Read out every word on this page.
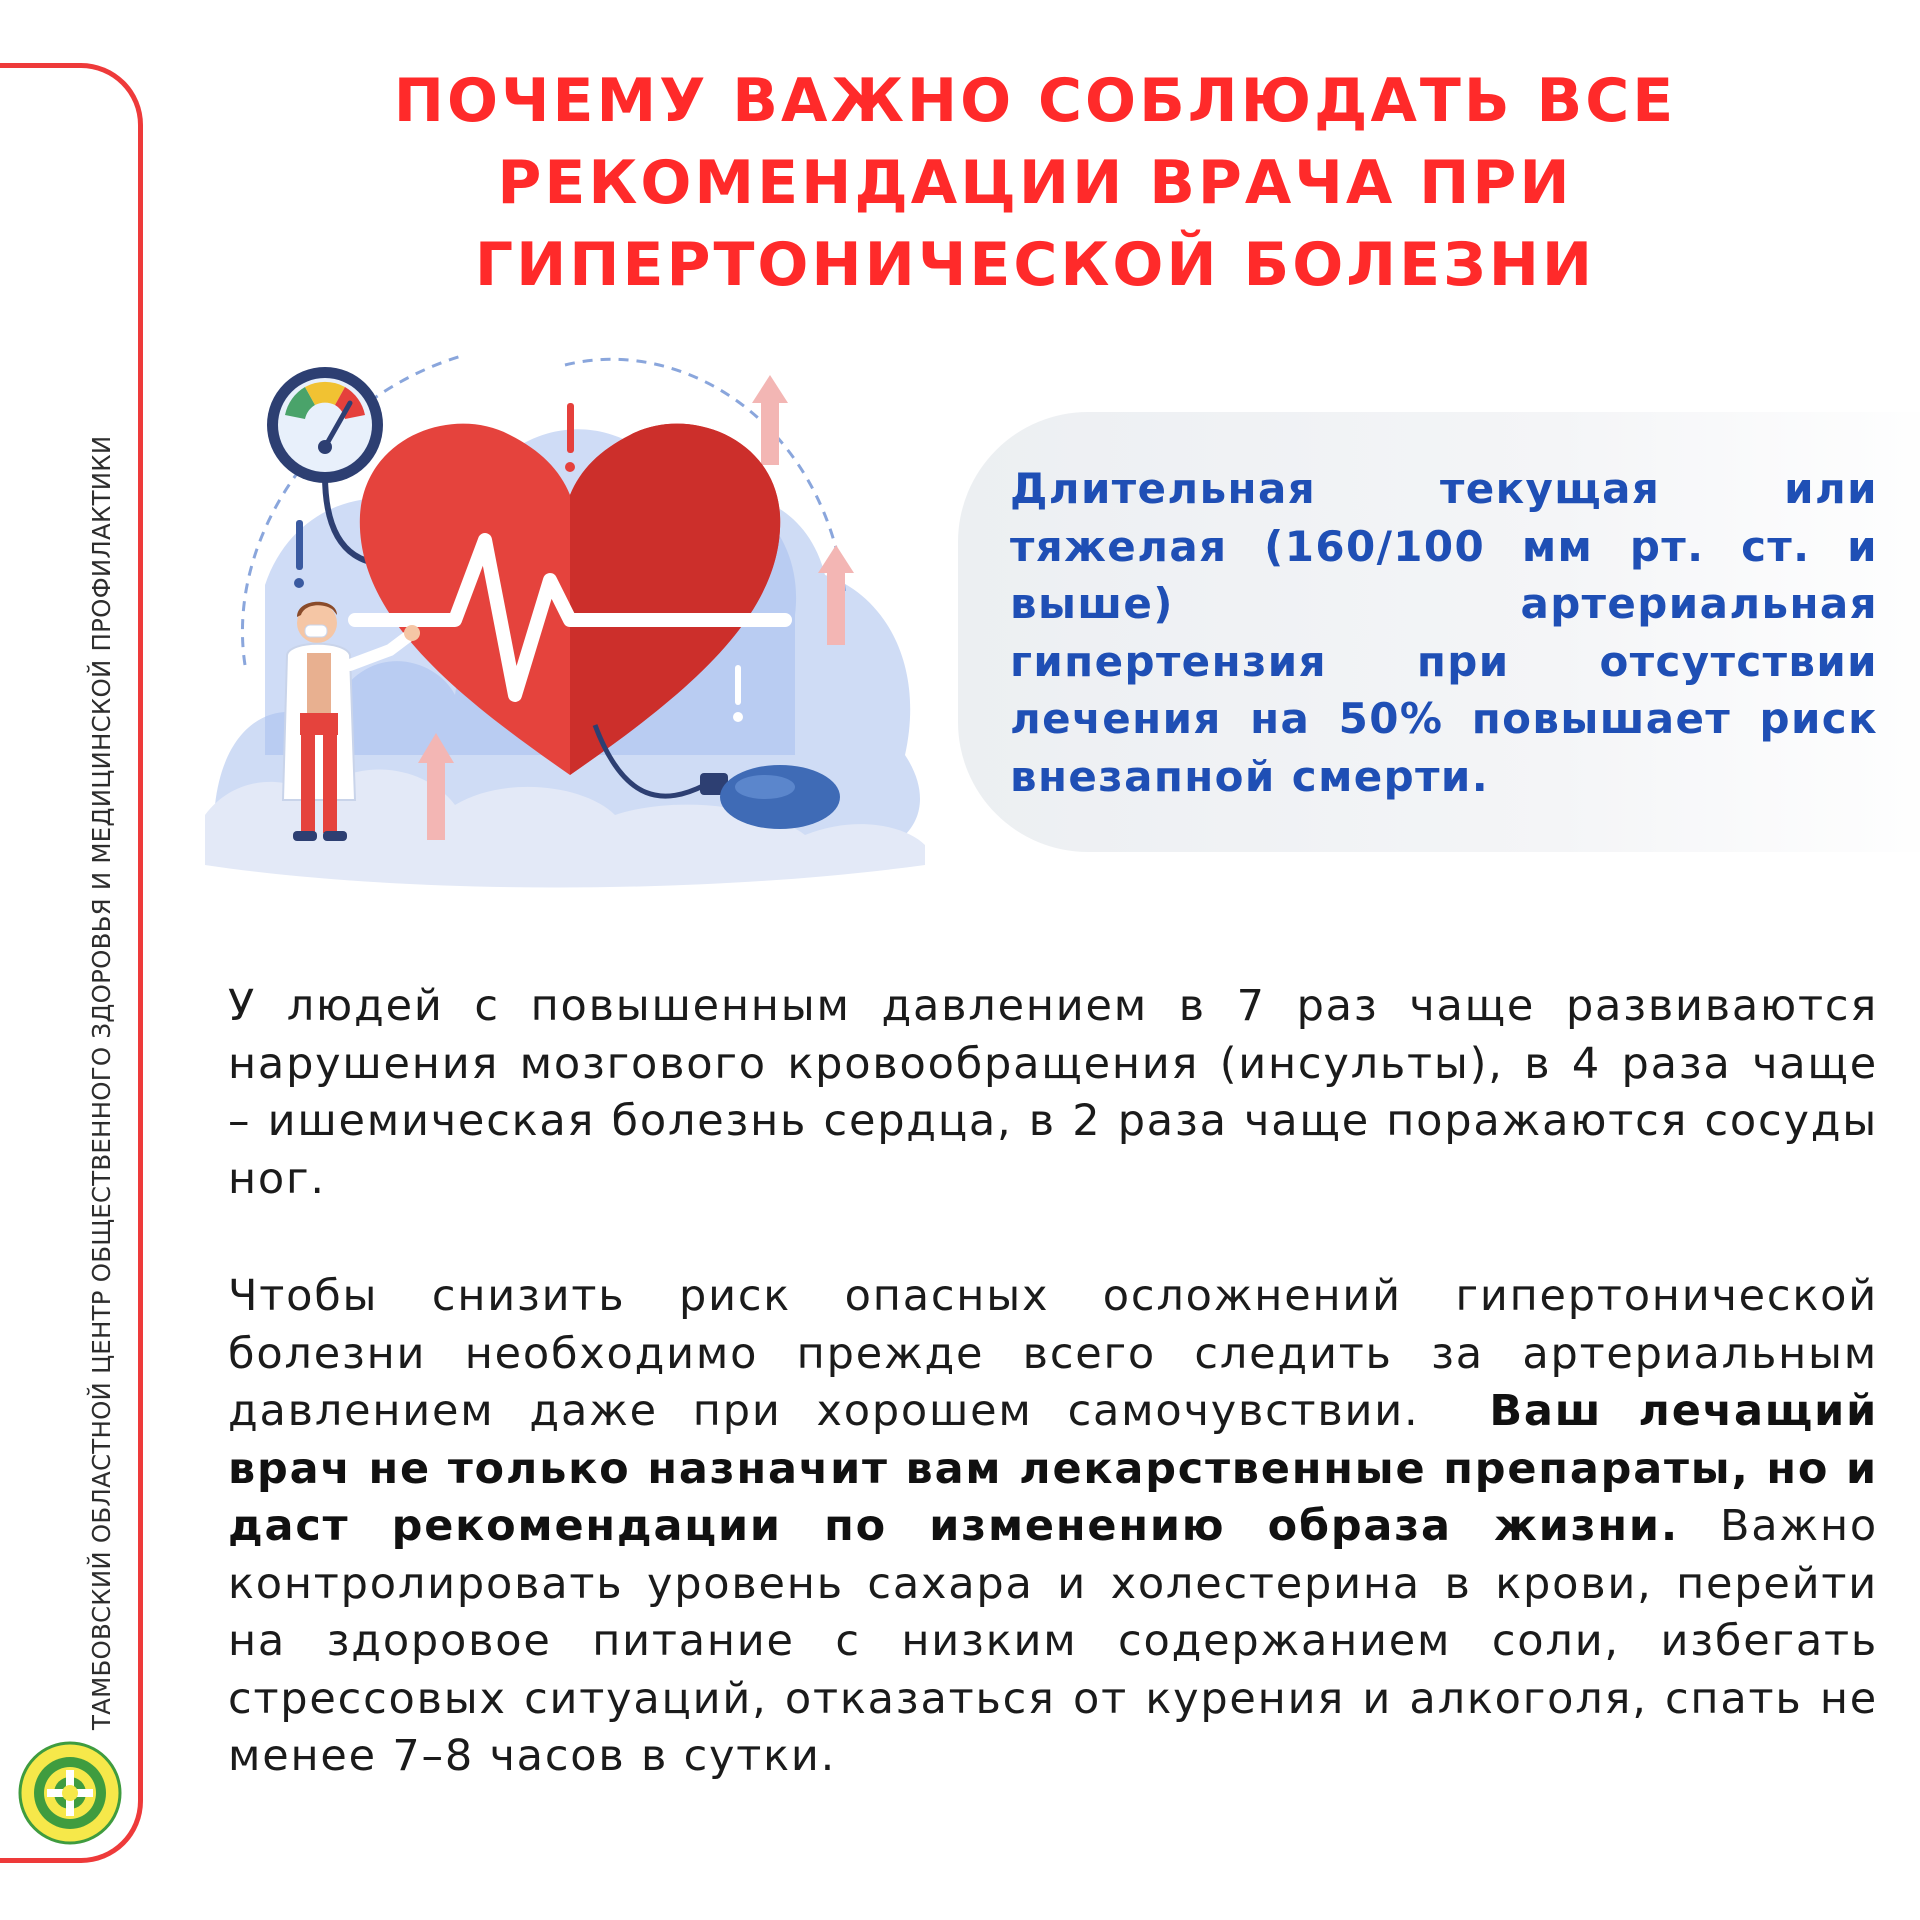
ТАМБОВСКИЙ ОБЛАСТНОЙ ЦЕНТР ОБЩЕСТВЕННОГО ЗДОРОВЬЯ И МЕДИЦИНСКОЙ ПРОФИЛАКТИКИ
ПОЧЕМУ ВАЖНО СОБЛЮДАТЬ ВСЕ
РЕКОМЕНДАЦИИ ВРАЧА ПРИ
ГИПЕРТОНИЧЕСКОЙ БОЛЕЗНИ
Длительная текущая или тяжелая (160/100 мм рт. ст. и выше) артериальная гипертензия при отсутствии лечения на 50% повышает риск внезапной смерти.
У людей с повышенным давлением в 7 раз чаще развиваются нарушения мозгового кровообращения (инсульты), в 4 раза чаще – ишемическая болезнь сердца, в 2 раза чаще поражаются сосуды ног.
Чтобы снизить риск опасных осложнений гипертонической болезни необходимо прежде всего следить за артериальным давлением даже при хорошем самочувствии. Ваш лечащий врач не только назначит вам лекарственные препараты, но и даст рекомендации по изменению образа жизни. Важно контролировать уровень сахара и холестерина в крови, перейти на здоровое питание с низким содержанием соли, избегать стрессовых ситуаций, отказаться от курения и алкоголя, спать не менее 7–8 часов в сутки.
